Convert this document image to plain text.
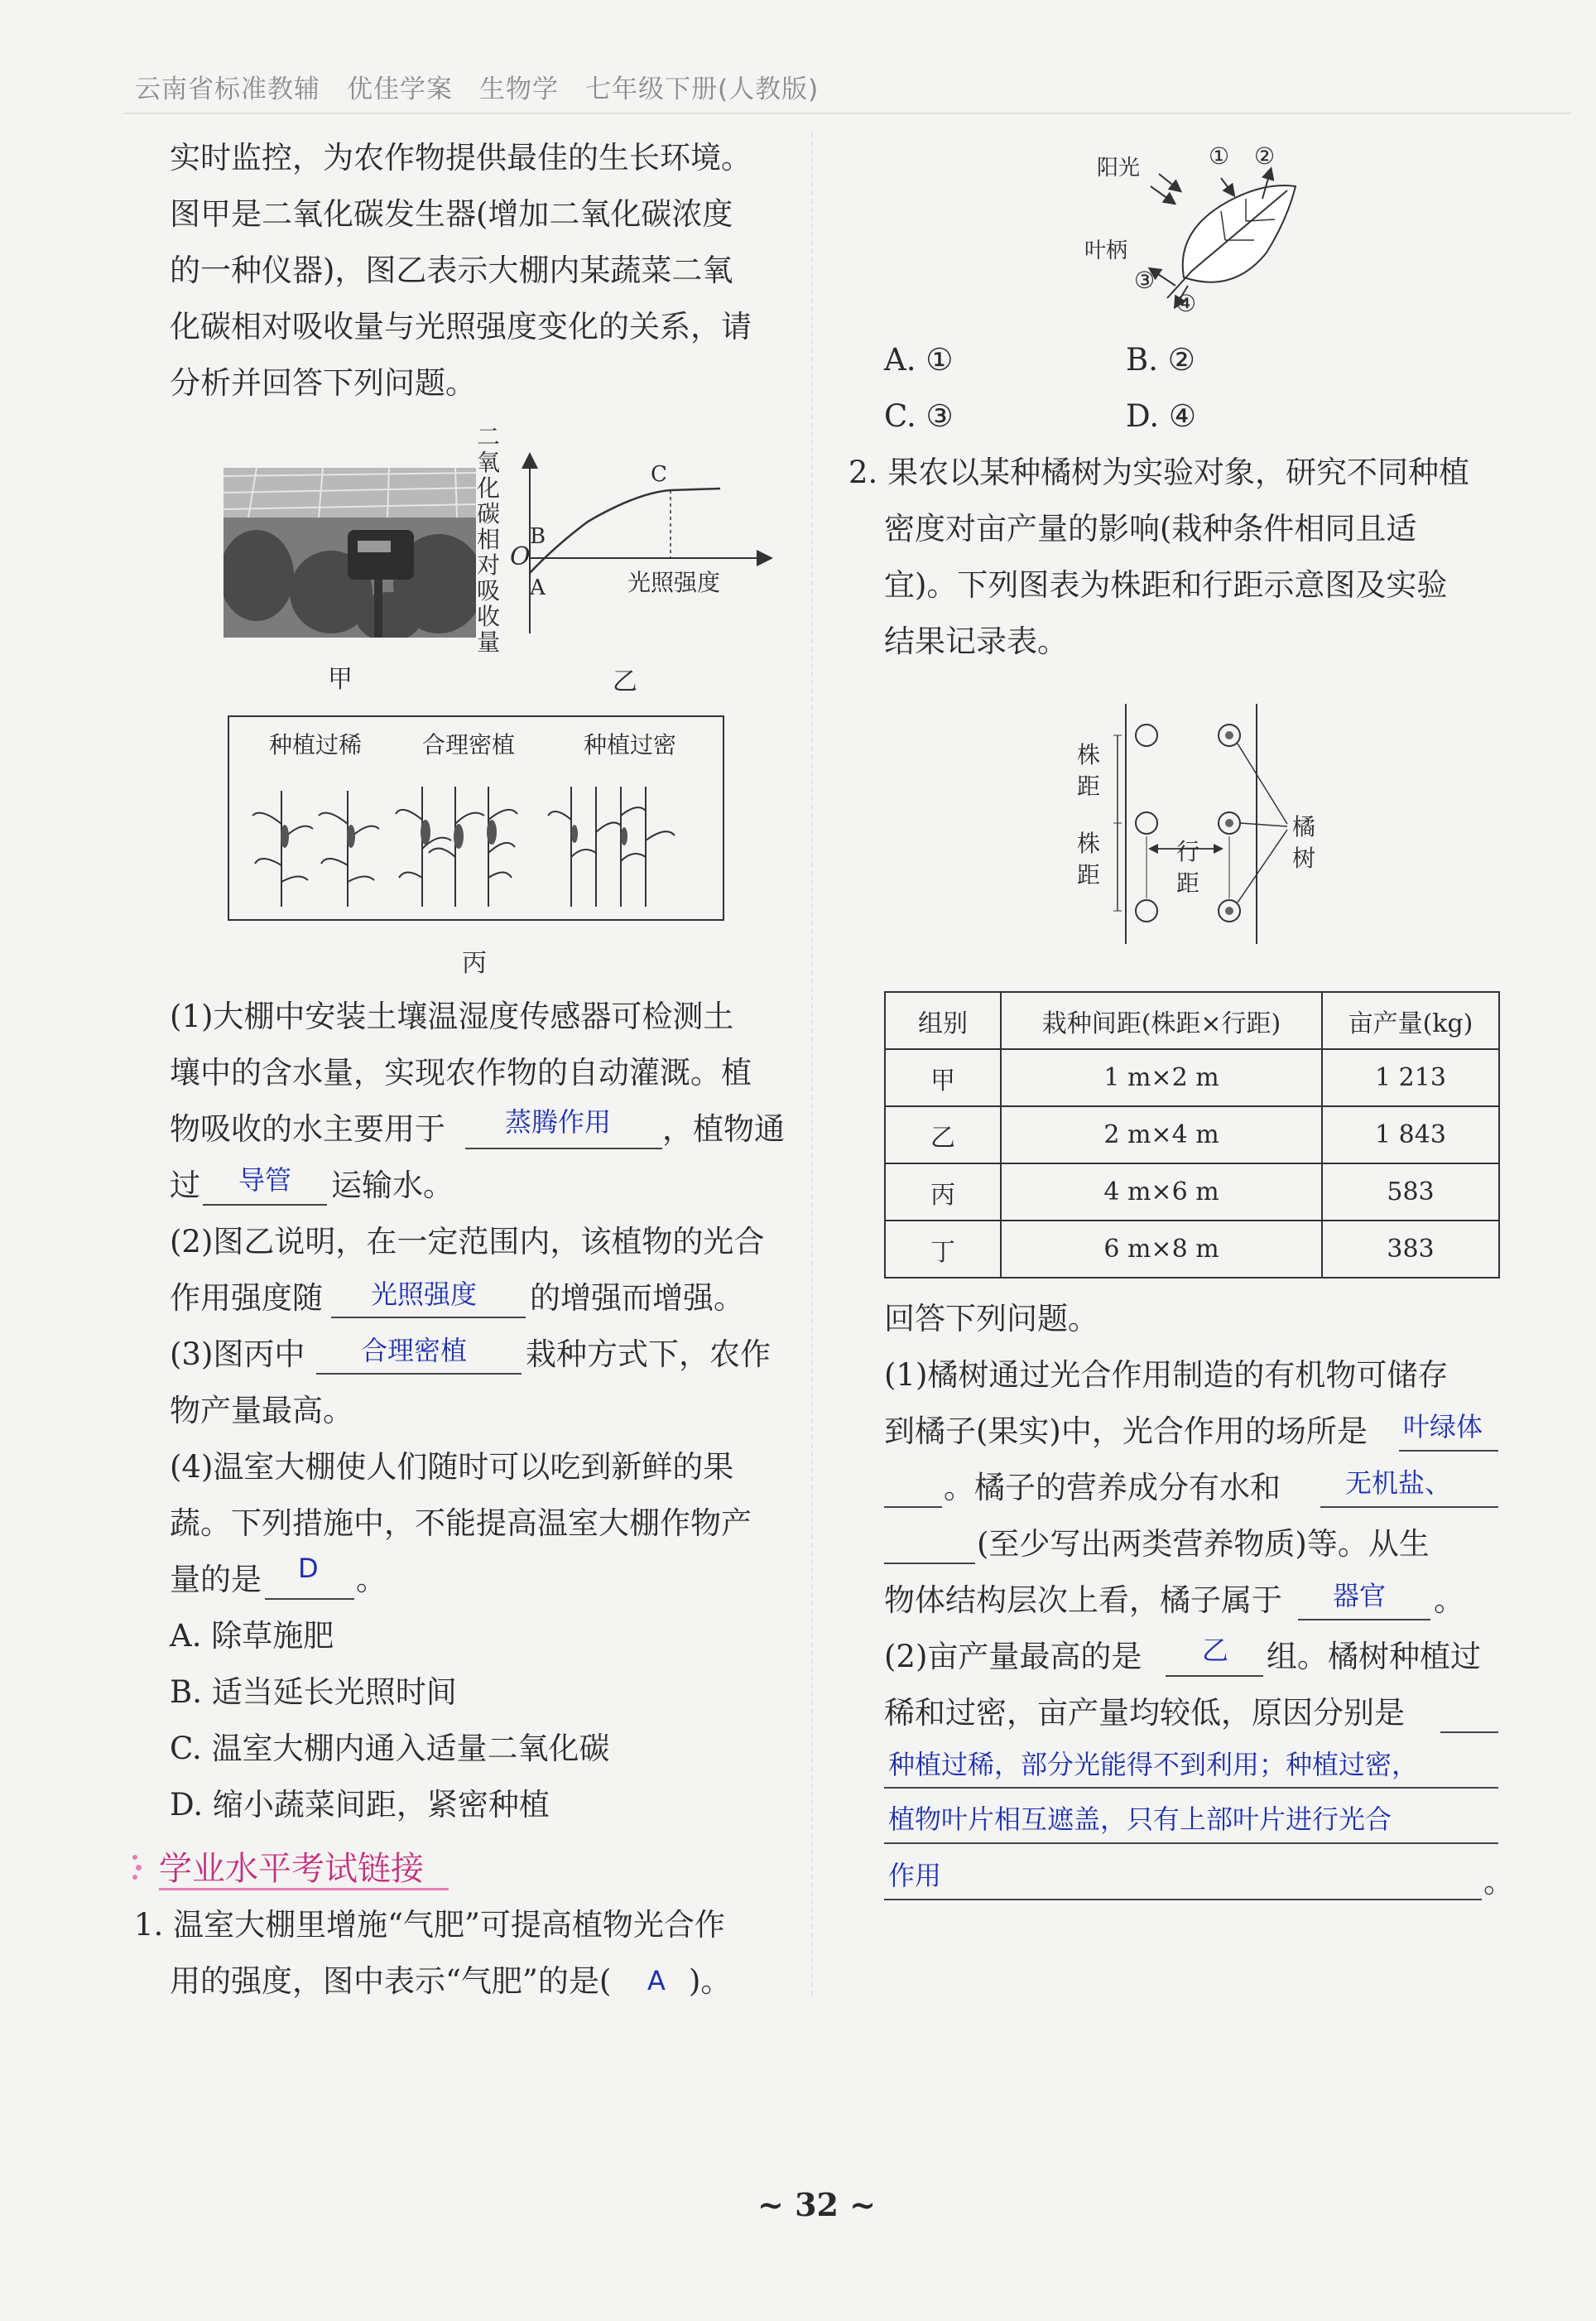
云南省标准教辅　优佳学案　生物学　七年级下册(人教版)
实时监控，为农作物提供最佳的生长环境。
图甲是二氧化碳发生器(增加二氧化碳浓度
的一种仪器)，图乙表示大棚内某蔬菜二氧
化碳相对吸收量与光照强度变化的关系，请
分析并回答下列问题。
甲
二
氧
化
碳
相
对
吸
收
量
O
A
B
C
光照强度
乙
种植过稀	合理密植	种植过密
丙
(1)大棚中安装土壤温湿度传感器可检测土
壤中的含水量，实现农作物的自动灌溉。植
物吸收的水主要用于 蒸腾作用 ，植物通
过 导管 运输水。
(2)图乙说明，在一定范围内，该植物的光合
作用强度随 光照强度 的增强而增强。
(3)图丙中 合理密植 栽种方式下，农作
物产量最高。
(4)温室大棚使人们随时可以吃到新鲜的果
蔬。下列措施中，不能提高温室大棚作物产
量的是 D 。
A. 除草施肥
B. 适当延长光照时间
C. 温室大棚内通入适量二氧化碳
D. 缩小蔬菜间距，紧密种植
学业水平考试链接
1. 温室大棚里增施“气肥”可提高植物光合作
用的强度，图中表示“气肥”的是( A )。
阳光
叶柄
① ②
③
④
A. ①	B. ②
C. ③	D. ④
2. 果农以某种橘树为实验对象，研究不同种植
密度对亩产量的影响(栽种条件相同且适
宜)。下列图表为株距和行距示意图及实验
结果记录表。
株距
株距
行距
橘树
组别	栽种间距(株距×行距)	亩产量(kg)
甲	1 m×2 m	1 213
乙	2 m×4 m	1 843
丙	4 m×6 m	583
丁	6 m×8 m	383
回答下列问题。
(1)橘树通过光合作用制造的有机物可储存
到橘子(果实)中，光合作用的场所是 叶绿体
。橘子的营养成分有水和 无机盐、
(至少写出两类营养物质)等。从生
物体结构层次上看，橘子属于 器官 。
(2)亩产量最高的是 乙 组。橘树种植过
稀和过密，亩产量均较低，原因分别是
种植过稀，部分光能得不到利用；种植过密，
植物叶片相互遮盖，只有上部叶片进行光合
作用	。
~ 32 ~
